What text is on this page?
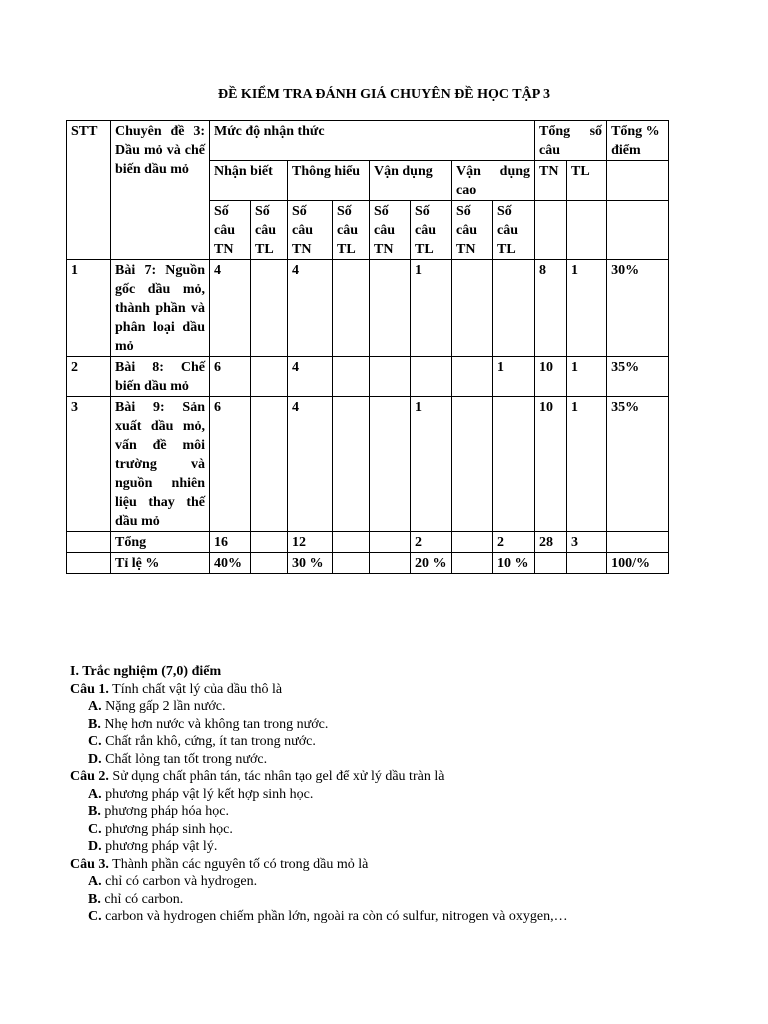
ĐỀ KIỂM TRA ĐÁNH GIÁ CHUYÊN ĐỀ HỌC TẬP 3
STT	Chuyên đề 3: Dầu mỏ và chế biến dầu mỏ	Mức độ nhận thức								Tổng số câu		Tổng % điểm
		Nhận biết		Thông hiểu		Vận dụng		Vận dụng cao		TN	TL	
		Số câu TN	Số câu TL	Số câu TN	Số câu TL	Số câu TN	Số câu TL	Số câu TN	Số câu TL			
1	Bài 7: Nguồn gốc dầu mỏ, thành phần và phân loại dầu mỏ	4		4			1			8	1	30%
2	Bài 8: Chế biến dầu mỏ	6		4					1	10	1	35%
3	Bài 9: Sản xuất dầu mỏ, vấn đề môi trường và nguồn nhiên liệu thay thế dầu mỏ	6		4			1			10	1	35%
	Tổng	16		12			2		2	28	3	
	Tỉ lệ %	40%		30 %			20 %		10 %			100/%
I. Trắc nghiệm (7,0) điểm
Câu 1. Tính chất vật lý của dầu thô là
A. Nặng gấp 2 lần nước.
B. Nhẹ hơn nước và không tan trong nước.
C. Chất rắn khô, cứng, ít tan trong nước.
D. Chất lỏng tan tốt trong nước.
Câu 2. Sử dụng chất phân tán, tác nhân tạo gel để xử lý dầu tràn là
A. phương pháp vật lý kết hợp sinh học.
B. phương pháp hóa học.
C. phương pháp sinh học.
D. phương pháp vật lý.
Câu 3. Thành phần các nguyên tố có trong dầu mỏ là
A. chỉ có carbon và hydrogen.
B. chỉ có carbon.
C. carbon và hydrogen chiếm phần lớn, ngoài ra còn có sulfur, nitrogen và oxygen,…
